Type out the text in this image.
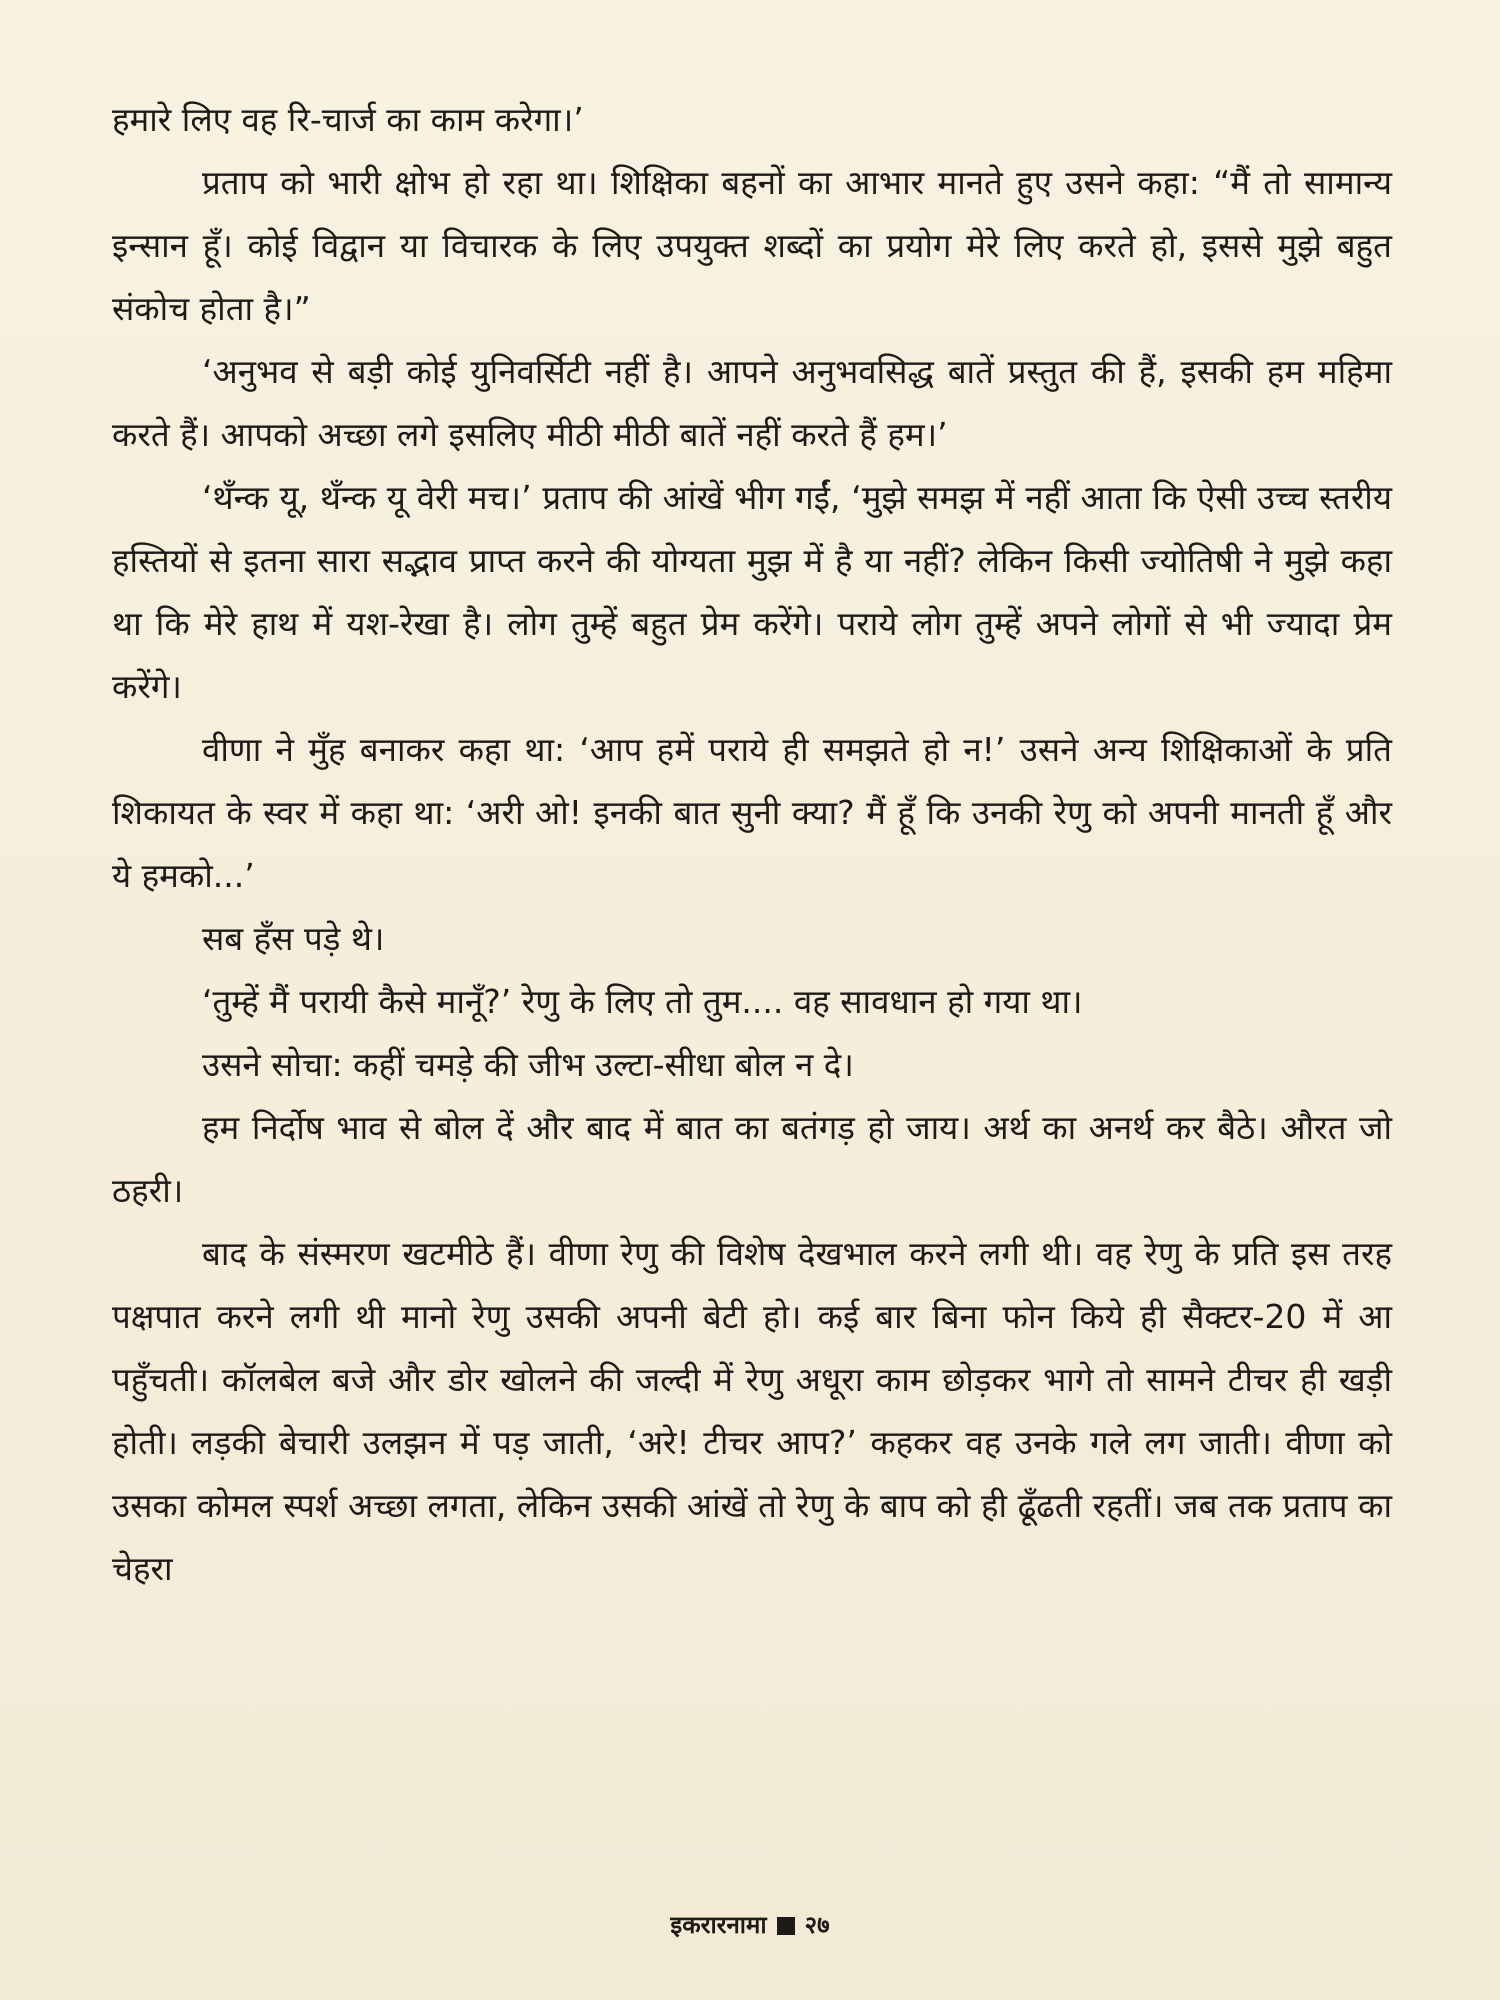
हमारे लिए वह रि-चार्ज का काम करेगा।’

प्रताप को भारी क्षोभ हो रहा था। शिक्षिका बहनों का आभार मानते हुए उसने कहा: “मैं तो सामान्य इन्सान हूँ। कोई विद्वान या विचारक के लिए उपयुक्त शब्दों का प्रयोग मेरे लिए करते हो, इससे मुझे बहुत संकोच होता है।”

‘अनुभव से बड़ी कोई युनिवर्सिटी नहीं है। आपने अनुभवसिद्ध बातें प्रस्तुत की हैं, इसकी हम महिमा करते हैं। आपको अच्छा लगे इसलिए मीठी मीठी बातें नहीं करते हैं हम।’

‘थँन्क यू, थँन्क यू वेरी मच।’ प्रताप की आंखें भीग गईं, ‘मुझे समझ में नहीं आता कि ऐसी उच्च स्तरीय हस्तियों से इतना सारा सद्भाव प्राप्त करने की योग्यता मुझ में है या नहीं? लेकिन किसी ज्योतिषी ने मुझे कहा था कि मेरे हाथ में यश-रेखा है। लोग तुम्हें बहुत प्रेम करेंगे। पराये लोग तुम्हें अपने लोगों से भी ज्यादा प्रेम करेंगे।

वीणा ने मुँह बनाकर कहा था: ‘आप हमें पराये ही समझते हो न!’ उसने अन्य शिक्षिकाओं के प्रति शिकायत के स्वर में कहा था: ‘अरी ओ! इनकी बात सुनी क्या? मैं हूँ कि उनकी रेणु को अपनी मानती हूँ और ये हमको...’

सब हँस पड़े थे।

‘तुम्हें मैं परायी कैसे मानूँ?’ रेणु के लिए तो तुम.... वह सावधान हो गया था।

उसने सोचा: कहीं चमड़े की जीभ उल्टा-सीधा बोल न दे।

हम निर्दोष भाव से बोल दें और बाद में बात का बतंगड़ हो जाय। अर्थ का अनर्थ कर बैठे। औरत जो ठहरी।

बाद के संस्मरण खटमीठे हैं। वीणा रेणु की विशेष देखभाल करने लगी थी। वह रेणु के प्रति इस तरह पक्षपात करने लगी थी मानो रेणु उसकी अपनी बेटी हो। कई बार बिना फोन किये ही सैक्टर-20 में आ पहुँचती। कॉलबेल बजे और डोर खोलने की जल्दी में रेणु अधूरा काम छोड़कर भागे तो सामने टीचर ही खड़ी होती। लड़की बेचारी उलझन में पड़ जाती, ‘अरे! टीचर आप?’ कहकर वह उनके गले लग जाती। वीणा को उसका कोमल स्पर्श अच्छा लगता, लेकिन उसकी आंखें तो रेणु के बाप को ही ढूँढती रहतीं। जब तक प्रताप का चेहरा

इकरारनामा २७
